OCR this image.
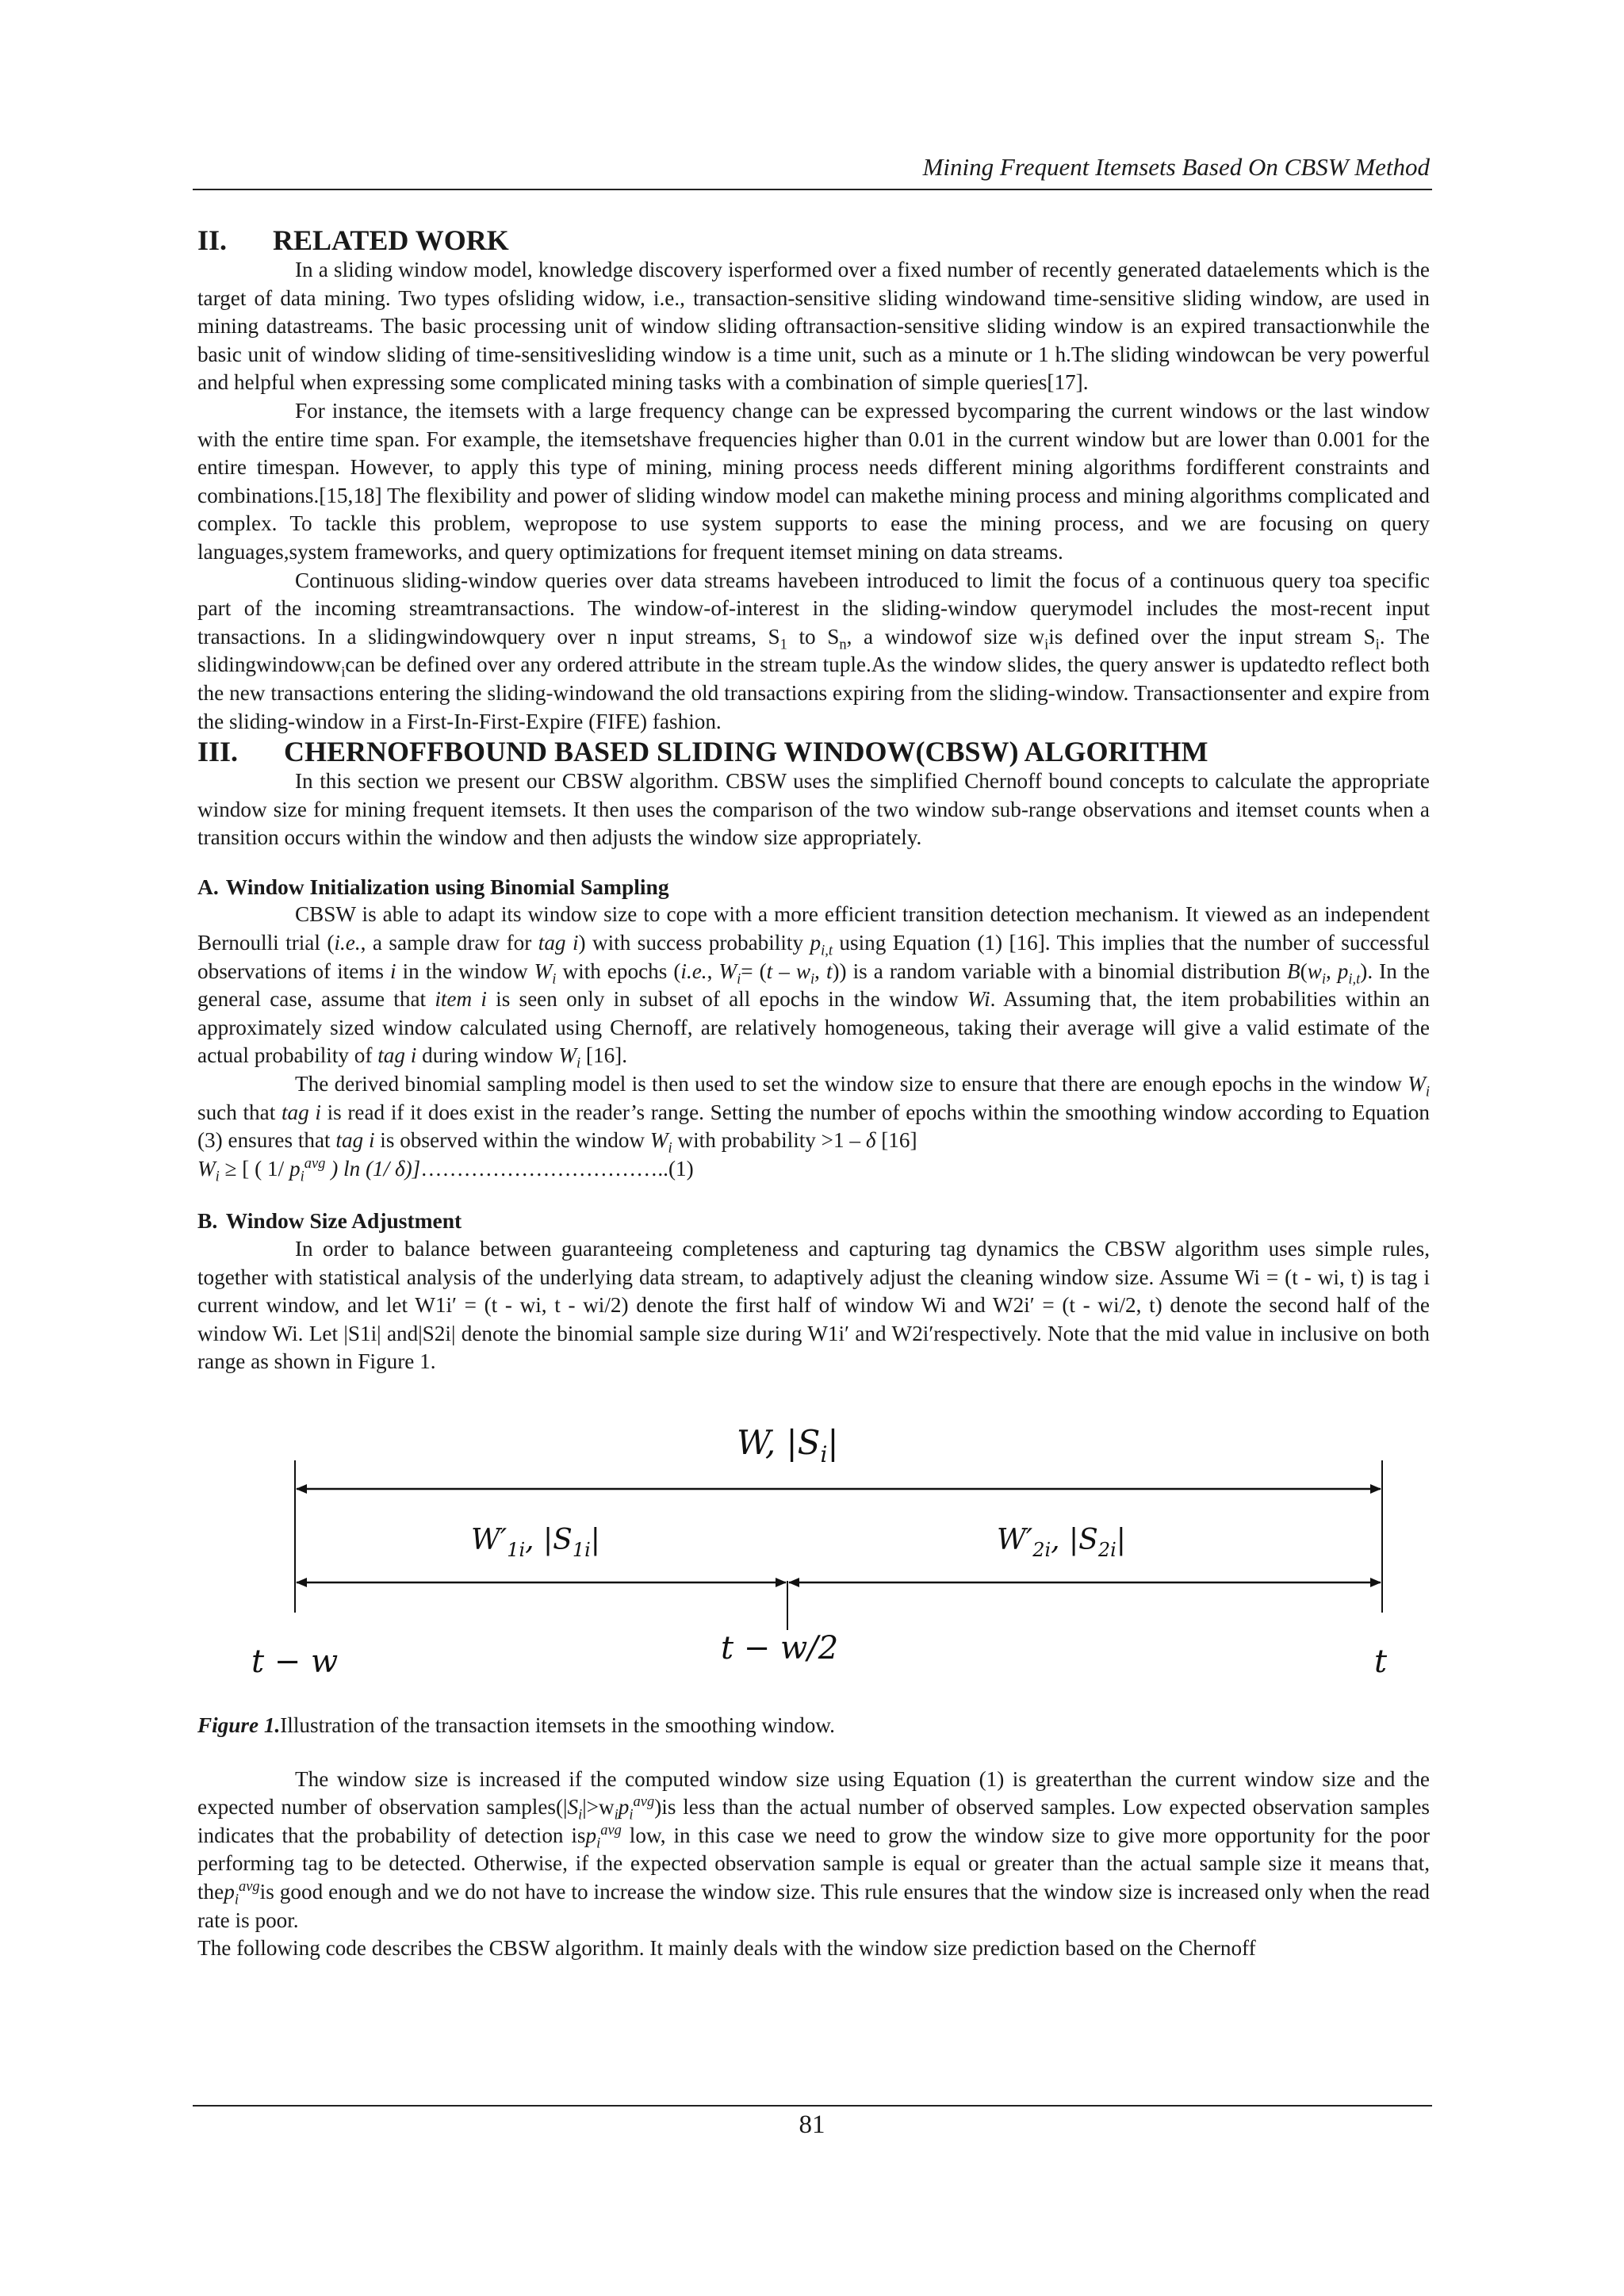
Mining Frequent Itemsets Based On CBSW Method

II. RELATED WORK

In a sliding window model, knowledge discovery isperformed over a fixed number of recently generated dataelements which is the target of data mining. Two types ofsliding widow, i.e., transaction-sensitive sliding windowand time-sensitive sliding window, are used in mining datastreams. The basic processing unit of window sliding oftransaction-sensitive sliding window is an expired transactionwhile the basic unit of window sliding of time-sensitivesliding window is a time unit, such as a minute or 1 h.The sliding windowcan be very powerful and helpful when expressing some complicated mining tasks with a combination of simple queries[17].

For instance, the itemsets with a large frequency change can be expressed bycomparing the current windows or the last window with the entire time span. For example, the itemsetshave frequencies higher than 0.01 in the current window but are lower than 0.001 for the entire timespan. However, to apply this type of mining, mining process needs different mining algorithms fordifferent constraints and combinations.[15,18] The flexibility and power of sliding window model can makethe mining process and mining algorithms complicated and complex. To tackle this problem, wepropose to use system supports to ease the mining process, and we are focusing on query languages,system frameworks, and query optimizations for frequent itemset mining on data streams.

Continuous sliding-window queries over data streams havebeen introduced to limit the focus of a continuous query toa specific part of the incoming streamtransactions. The window-of-interest in the sliding-window querymodel includes the most-recent input transactions. In a slidingwindowquery over n input streams, $S_1$ to $S_n$, a windowof size $w_iis$ defined over the input stream $S_i$. The slidingwindoww$_i$can be defined over any ordered attribute in the stream tuple.As the window slides, the query answer is updatedto reflect both the new transactions entering the sliding-windowand the old transactions expiring from the sliding-window. Transactionsenter and expire from the sliding-window in a First-In-First-Expire (FIFE) fashion.

III. CHERNOFFBOUND BASED SLIDING WINDOW(CBSW) ALGORITHM

In this section we present our CBSW algorithm. CBSW uses the simplified Chernoff bound concepts to calculate the appropriate window size for mining frequent itemsets. It then uses the comparison of the two window sub-range observations and itemset counts when a transition occurs within the window and then adjusts the window size appropriately.

A. Window Initialization using Binomial Sampling

CBSW is able to adapt its window size to cope with a more efficient transition detection mechanism. It viewed as an independent Bernoulli trial (i.e., a sample draw for tag i) with success probability $p_{i,t}$ using Equation (1) [16]. This implies that the number of successful observations of items i in the window $W_i$ with epochs (i.e., $W_i= (t - w_i$, t)) is a random variable with a binomial distribution $B(w_i$, $p_{i,t}$). In the general case, assume that item i is seen only in subset of all epochs in the window Wi. Assuming that, the item probabilities within an approximately sized window calculated using Chernoff, are relatively homogeneous, taking their average will give a valid estimate of the actual probability of tag i during window $W_i$ [16].

The derived binomial sampling model is then used to set the window size to ensure that there are enough epochs in the window $W_i$ such that tag i is read if it does exist in the reader’s range. Setting the number of epochs within the smoothing window according to Equation (3) ensures that tag i is observed within the window $W_i$ with probability >1 – δ [16]

$W_i$ ≥ [ ( 1/ $p_i^{avg}$ ) ln (1/ δ)]……………………………..(1)

B. Window Size Adjustment

In order to balance between guaranteeing completeness and capturing tag dynamics the CBSW algorithm uses simple rules, together with statistical analysis of the underlying data stream, to adaptively adjust the cleaning window size. Assume Wi = (t - wi, t) is tag i current window, and let W1i′ = (t - wi, t - wi/2) denote the first half of window Wi and W2i′ = (t - wi/2, t) denote the second half of the window Wi. Let |S1i| and|S2i| denote the binomial sample size during W1i′ and W2i′respectively. Note that the mid value in inclusive on both range as shown in Figure 1.

W, $|S_i|$
$W'_{1i}$, $|S_{1i}|$	$W'_{2i}$, $|S_{2i}|$
t − w	t − w/2	t

Figure 1.Illustration of the transaction itemsets in the smoothing window.

The window size is increased if the computed window size using Equation (1) is greaterthan the current window size and the expected number of observation $samples(|S_i|>w_ip_i^{avg})is$ less than the actual number of observed samples. Low expected observation samples indicates that the probability of detection isp$_i^{avg}$ low, in this case we need to grow the window size to give more opportunity for the poor performing tag to be detected. Otherwise, if the expected observation sample is equal or greater than the actual sample size it means that, thep$_i^{avg}$is good enough and we do not have to increase the window size. This rule ensures that the window size is increased only when the read rate is poor.

The following code describes the CBSW algorithm. It mainly deals with the window size prediction based on the Chernoff

81
